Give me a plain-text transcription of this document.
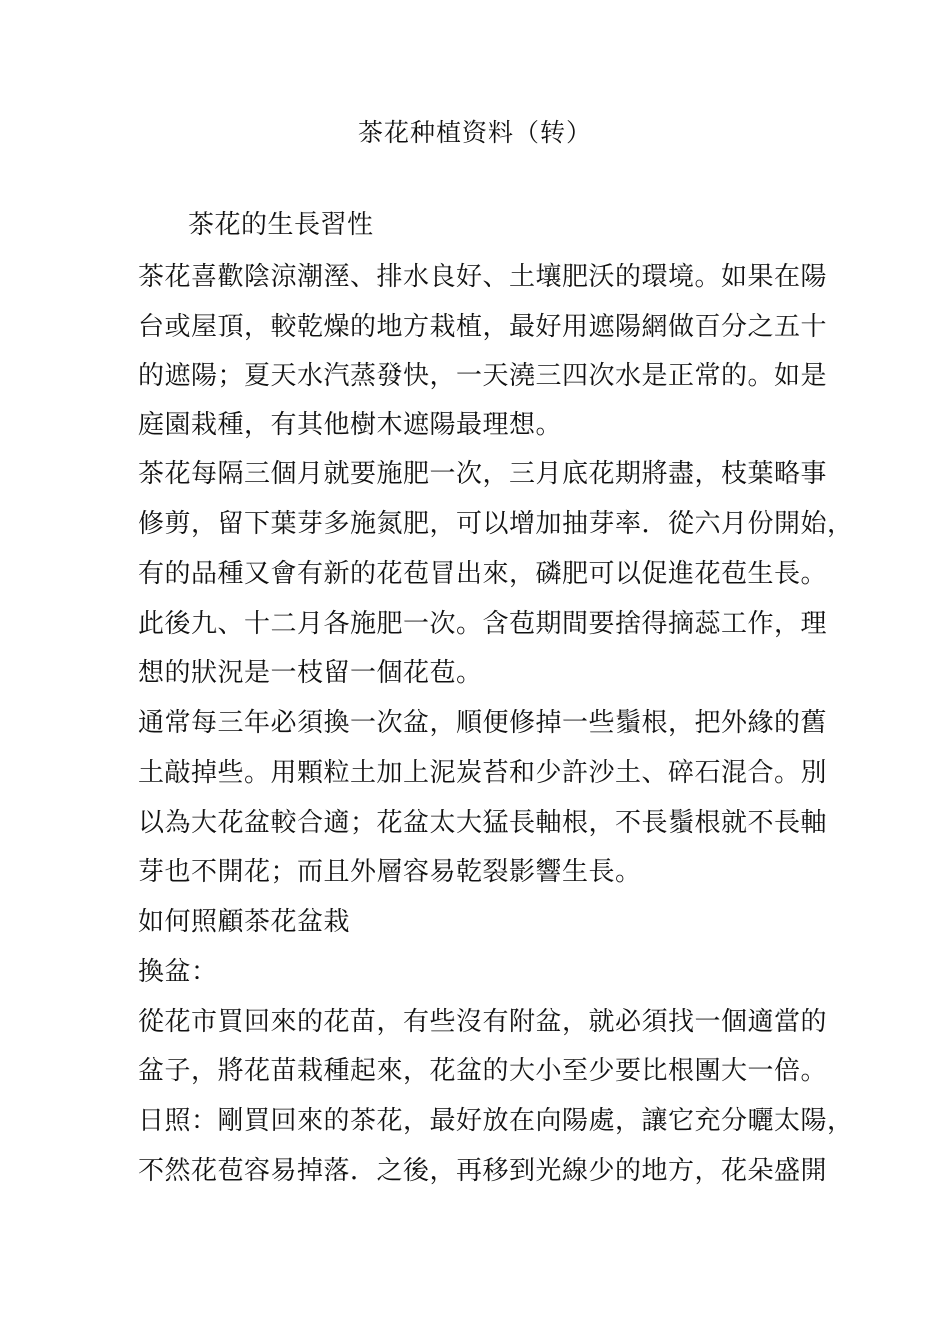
茶花种植资料（转）
茶花的生長習性
茶花喜歡陰涼潮溼、排水良好、土壤肥沃的環境。如果在陽
台或屋頂，較乾燥的地方栽植，最好用遮陽網做百分之五十
的遮陽；夏天水汽蒸發快，一天澆三四次水是正常的。如是
庭園栽種，有其他樹木遮陽最理想。
茶花每隔三個月就要施肥一次，三月底花期將盡，枝葉略事
修剪，留下葉芽多施氮肥，可以增加抽芽率．從六月份開始，
有的品種又會有新的花苞冒出來，磷肥可以促進花苞生長。
此後九、十二月各施肥一次。含苞期間要捨得摘蕊工作，理
想的狀況是一枝留一個花苞。
通常每三年必須換一次盆，順便修掉一些鬚根，把外緣的舊
土敲掉些。用顆粒土加上泥炭苔和少許沙土、碎石混合。別
以為大花盆較合適；花盆太大猛長軸根，不長鬚根就不長軸
芽也不開花；而且外層容易乾裂影響生長。
如何照顧茶花盆栽
換盆：
從花市買回來的花苗，有些沒有附盆，就必須找一個適當的
盆子，將花苗栽種起來，花盆的大小至少要比根團大一倍。
日照：剛買回來的茶花，最好放在向陽處，讓它充分曬太陽，
不然花苞容易掉落．之後，再移到光線少的地方，花朵盛開
